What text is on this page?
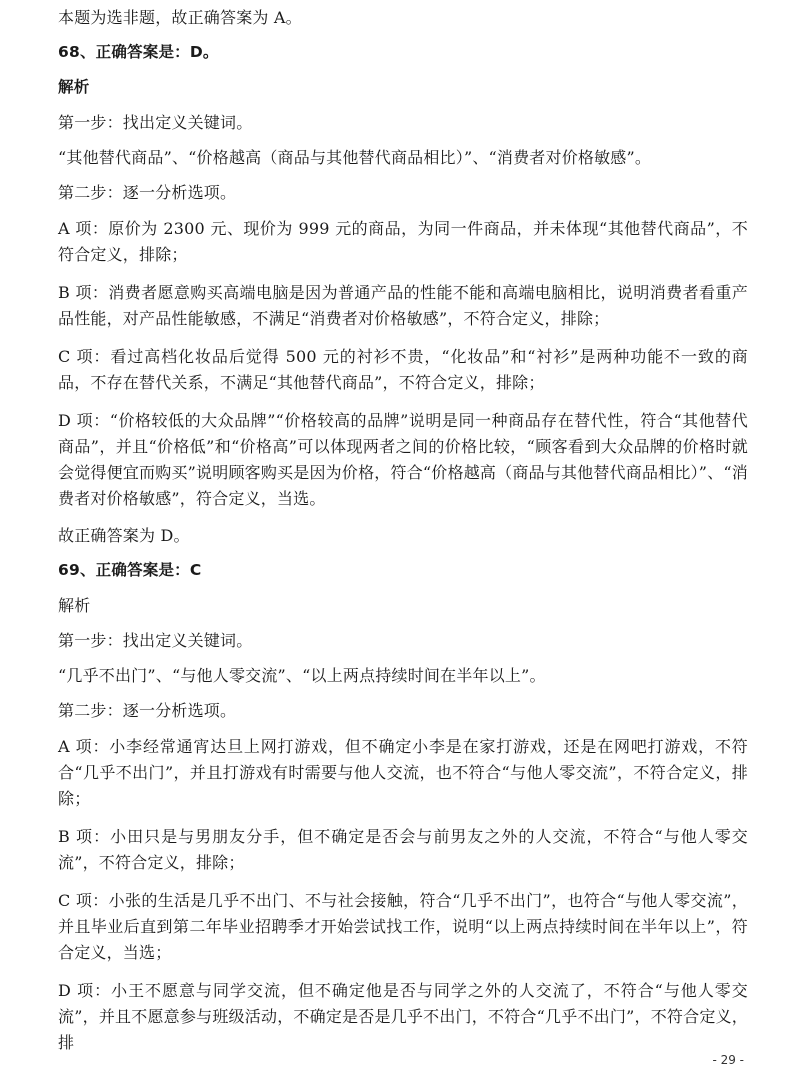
本题为选非题，故正确答案为 A。

68、正确答案是：D。

解析

第一步：找出定义关键词。

“其他替代商品”、“价格越高（商品与其他替代商品相比）”、“消费者对价格敏感”。

第二步：逐一分析选项。

A 项：原价为 2300 元、现价为 999 元的商品，为同一件商品，并未体现“其他替代商品”，不符合定义，排除；

B 项：消费者愿意购买高端电脑是因为普通产品的性能不能和高端电脑相比，说明消费者看重产品性能，对产品性能敏感，不满足“消费者对价格敏感”，不符合定义，排除；

C 项：看过高档化妆品后觉得 500 元的衬衫不贵，“化妆品”和“衬衫”是两种功能不一致的商品，不存在替代关系，不满足“其他替代商品”，不符合定义，排除；

D 项：“价格较低的大众品牌”“价格较高的品牌”说明是同一种商品存在替代性，符合“其他替代商品”，并且“价格低”和“价格高”可以体现两者之间的价格比较，“顾客看到大众品牌的价格时就会觉得便宜而购买”说明顾客购买是因为价格，符合“价格越高（商品与其他替代商品相比）”、“消费者对价格敏感”，符合定义，当选。

故正确答案为 D。

69、正确答案是：C

解析

第一步：找出定义关键词。

“几乎不出门”、“与他人零交流”、“以上两点持续时间在半年以上”。

第二步：逐一分析选项。

A 项：小李经常通宵达旦上网打游戏，但不确定小李是在家打游戏，还是在网吧打游戏，不符合“几乎不出门”，并且打游戏有时需要与他人交流，也不符合“与他人零交流”，不符合定义，排除；

B 项：小田只是与男朋友分手，但不确定是否会与前男友之外的人交流，不符合“与他人零交流”，不符合定义，排除；

C 项：小张的生活是几乎不出门、不与社会接触，符合“几乎不出门”，也符合“与他人零交流”，并且毕业后直到第二年毕业招聘季才开始尝试找工作，说明“以上两点持续时间在半年以上”，符合定义，当选；

D 项：小王不愿意与同学交流，但不确定他是否与同学之外的人交流了，不符合“与他人零交流”，并且不愿意参与班级活动，不确定是否是几乎不出门，不符合“几乎不出门”，不符合定义，排

- 29 -
